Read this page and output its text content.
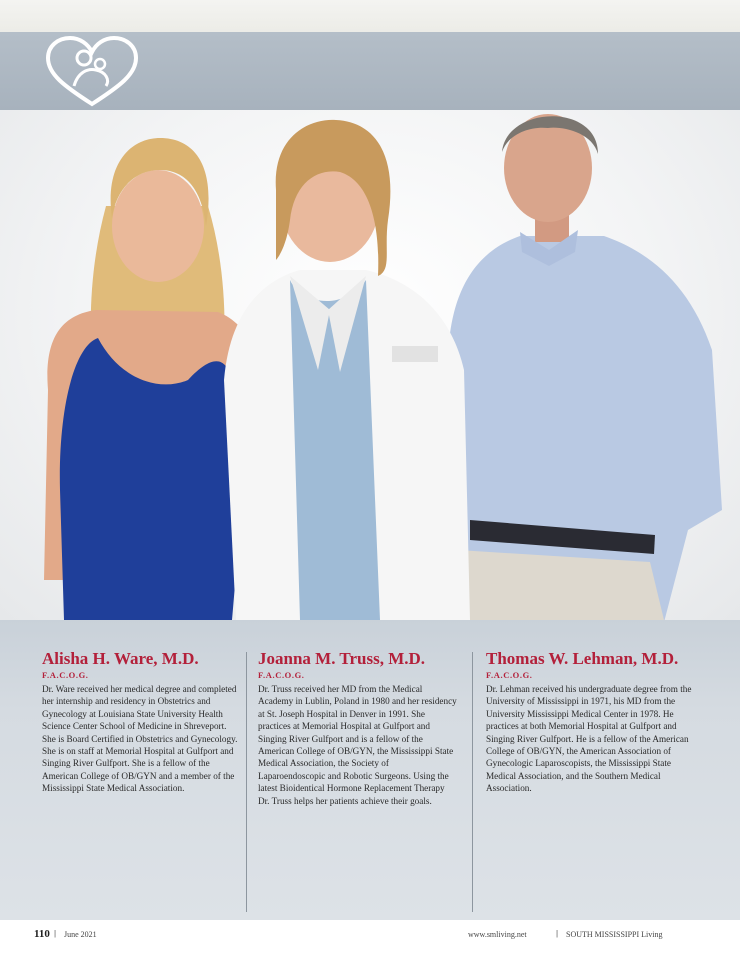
Alisha H. Ware, M.D.
F.A.C.O.G.
Dr. Ware received her medical degree and completed her internship and residency in Obstetrics and Gynecology at Louisiana State University Health Science Center School of Medicine in Shreveport. She is Board Certified in Obstetrics and Gynecology. She is on staff at Memorial Hospital at Gulfport and Singing River Gulfport. She is a fellow of the American College of OB/GYN and a member of the Mississippi State Medical Association.
Joanna M. Truss, M.D.
F.A.C.O.G.
Dr. Truss received her MD from the Medical Academy in Lublin, Poland in 1980 and her residency at St. Joseph Hospital in Denver in 1991. She practices at Memorial Hospital at Gulfport and Singing River Gulfport and is a fellow of the American College of OB/GYN, the Mississippi State Medical Association, the Society of Laparoendoscopic and Robotic Surgeons. Using the latest Bioidentical Hormone Replacement Therapy Dr. Truss helps her patients achieve their goals.
Thomas W. Lehman, M.D.
F.A.C.O.G.
Dr. Lehman received his undergraduate degree from the University of Mississippi in 1971, his MD from the University Mississippi Medical Center in 1978. He practices at both Memorial Hospital at Gulfport and Singing River Gulfport. He is a fellow of the American College of OB/GYN, the American Association of Gynecologic Laparoscopists, the Mississippi State Medical Association, and the Southern Medical Association.
110 | June 2021	www.smliving.net	| SOUTH MISSISSIPPI Living
